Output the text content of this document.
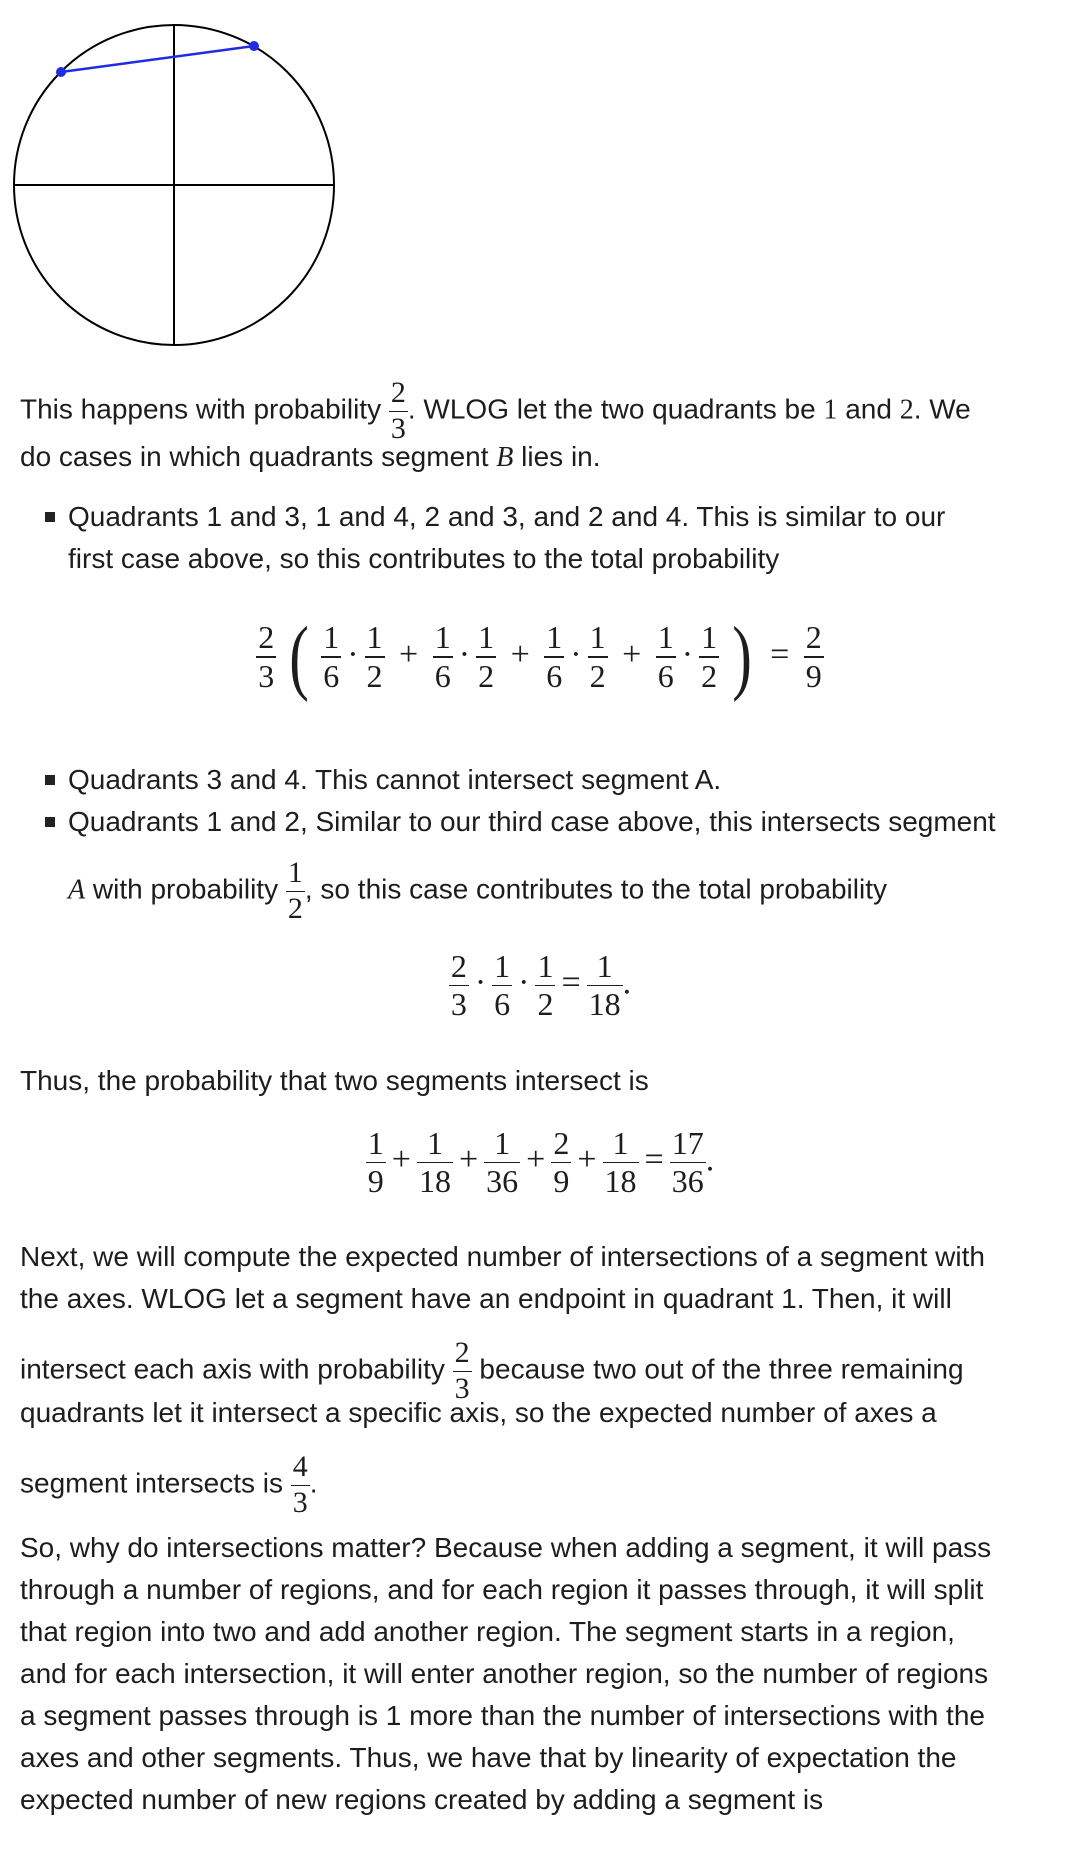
This happens with probability $\frac{2}{3}$ . WLOG let the two quadrants be 1 and 2. We
do cases in which quadrants segment B lies in.
Quadrants 1 and 3, 1 and 4, 2 and 3, and 2 and 4. This is similar to our
first case above, so this contributes to the total probability
$\frac{2}{3}$ ( $\frac{1}{6} \cdot \frac{1}{2} + \frac{1}{6} \cdot \frac{1}{2} + \frac{1}{6} \cdot \frac{1}{2} + \frac{1}{6} \cdot \frac{1}{2}$ ) = $\frac{2}{9}$
Quadrants 3 and 4. This cannot intersect segment A.
Quadrants 1 and 2, Similar to our third case above, this intersects segment
A with probability $\frac{1}{2}$ , so this case contributes to the total probability
$\frac{2}{3} \cdot \frac{1}{6} \cdot \frac{1}{2} = \frac{1}{18}$ .
Thus, the probability that two segments intersect is
$\frac{1}{9} + \frac{1}{18} + \frac{1}{36} + \frac{2}{9} + \frac{1}{18} = \frac{17}{36}$ .
Next, we will compute the expected number of intersections of a segment with
the axes. WLOG let a segment have an endpoint in quadrant 1. Then, it will
intersect each axis with probability $\frac{2}{3}$ because two out of the three remaining
quadrants let it intersect a specific axis, so the expected number of axes a
segment intersects is $\frac{4}{3}$ .
So, why do intersections matter? Because when adding a segment, it will pass
through a number of regions, and for each region it passes through, it will split
that region into two and add another region. The segment starts in a region,
and for each intersection, it will enter another region, so the number of regions
a segment passes through is 1 more than the number of intersections with the
axes and other segments. Thus, we have that by linearity of expectation the
expected number of new regions created by adding a segment is
